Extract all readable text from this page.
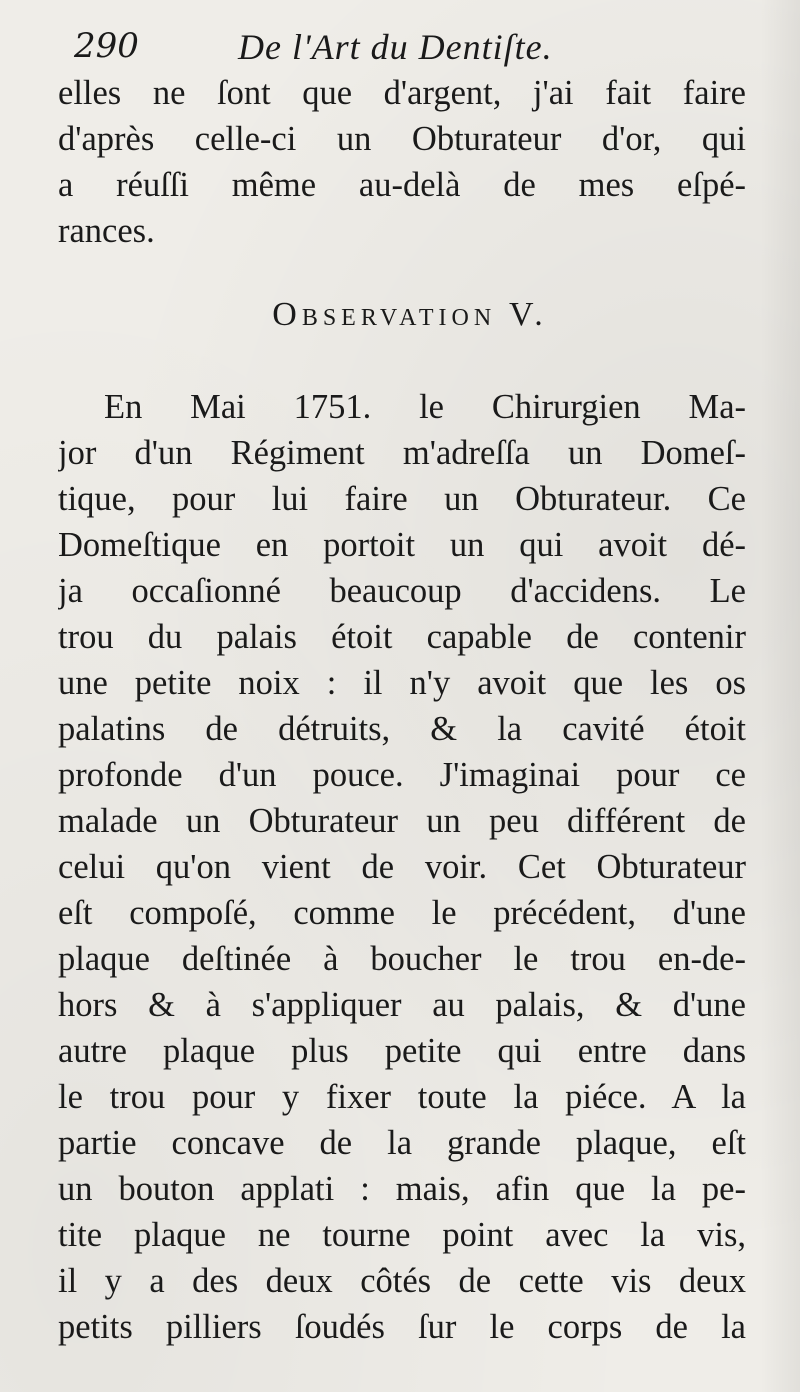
290	De l'Art du Dentiſte.
elles ne ſont que d'argent, j'ai fait faire
d'après celle-ci un Obturateur d'or, qui
a réuſſi même au-delà de mes eſpé-
rances.
Observation V.
En Mai 1751. le Chirurgien Ma-
jor d'un Régiment m'adreſſa un Domeſ-
tique, pour lui faire un Obturateur. Ce
Domeſtique en portoit un qui avoit dé-
ja occaſionné beaucoup d'accidens. Le
trou du palais étoit capable de contenir
une petite noix : il n'y avoit que les os
palatins de détruits, & la cavité étoit
profonde d'un pouce. J'imaginai pour ce
malade un Obturateur un peu différent de
celui qu'on vient de voir. Cet Obturateur
eſt compoſé, comme le précédent, d'une
plaque deſtinée à boucher le trou en-de-
hors & à s'appliquer au palais, & d'une
autre plaque plus petite qui entre dans
le trou pour y fixer toute la piéce. A la
partie concave de la grande plaque, eſt
un bouton applati : mais, afin que la pe-
tite plaque ne tourne point avec la vis,
il y a des deux côtés de cette vis deux
petits pilliers ſoudés ſur le corps de la
